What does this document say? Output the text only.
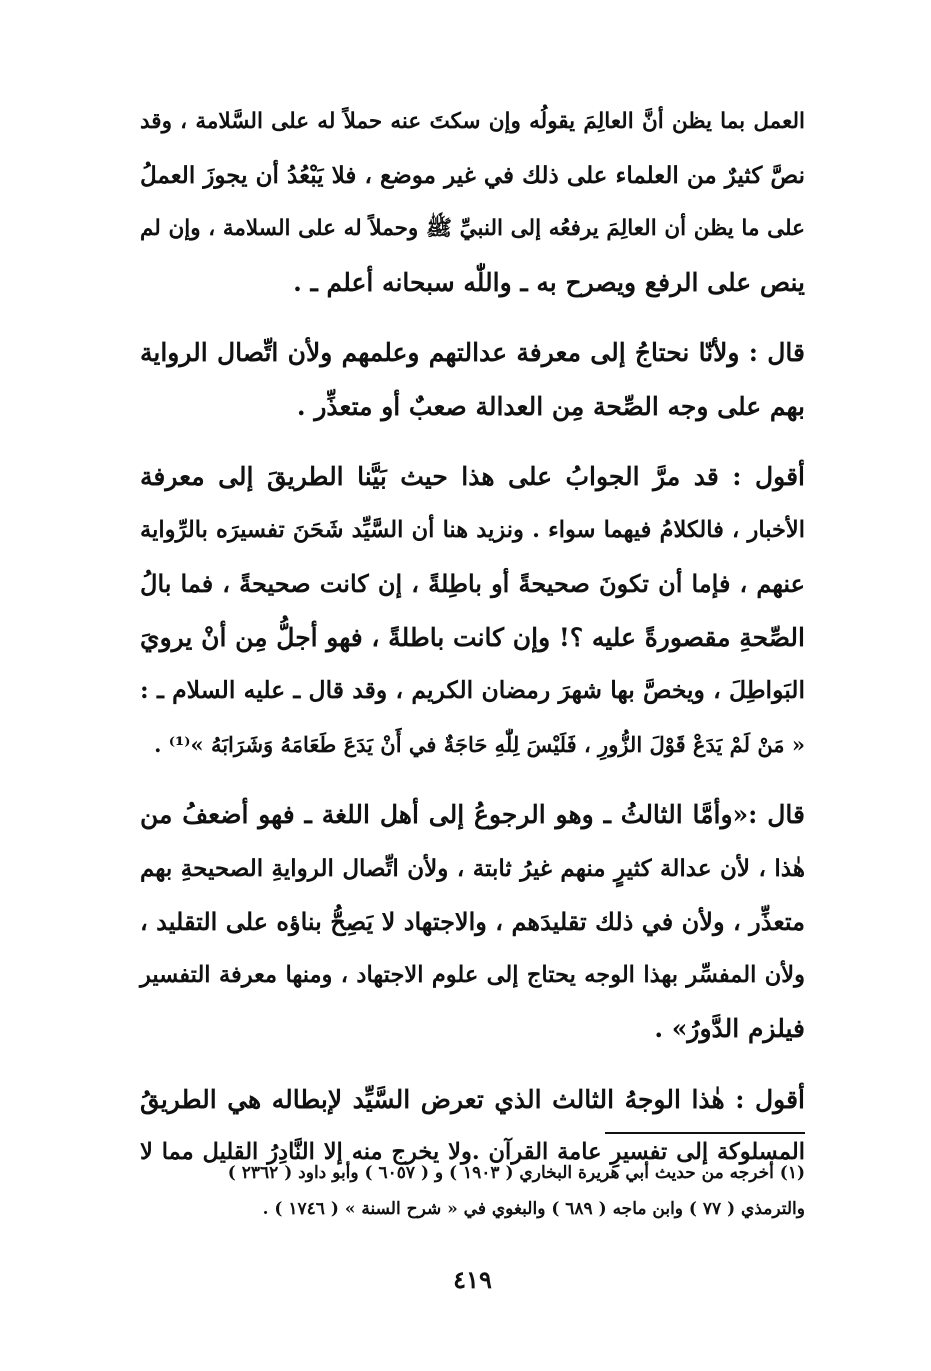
العمل بما يظن أنَّ العالِمَ يقولُه وإن سكتَ عنه حملاً له على السَّلامة ، وقد
نصَّ كثيرٌ من العلماء على ذلك في غير موضع ، فلا يَبْعُدُ أن يجوزَ العملُ
على ما يظن أن العالِمَ يرفعُه إلى النبيِّ ﷺ وحملاً له على السلامة ، وإن لم
ينص على الرفع ويصرح به ـ واللّٰه سبحانه أعلم ـ .
قال : ولأنّا نحتاجُ إلى معرفة عدالتهم وعلمهم ولأن اتِّصال الرواية
بهم على وجه الصِّحة مِن العدالة صعبٌ أو متعذِّر .
أقول : قد مرَّ الجوابُ على هذا حيث بَيَّنا الطريقَ إلى معرفة
الأخبار ، فالكلامُ فيهما سواء . ونزيد هنا أن السَّيِّد شَحَنَ تفسيرَه بالرِّواية
عنهم ، فإما أن تكونَ صحيحةً أو باطِلةً ، إن كانت صحيحةً ، فما بالُ
الصِّحةِ مقصورةً عليه ؟! وإن كانت باطلةً ، فهو أجلُّ مِن أنْ يرويَ
البَواطِلَ ، ويخصَّ بها شهرَ رمضان الكريم ، وقد قال ـ عليه السلام ـ :
« مَنْ لَمْ يَدَعْ قَوْلَ الزُّورِ ، فَلَيْسَ لِلّٰهِ حَاجَةٌ في أَنْ يَدَعَ طَعَامَهُ وَشَرَابَهُ »⁽¹⁾ .
قال :«وأمَّا الثالثُ ـ وهو الرجوعُ إلى أهل اللغة ـ فهو أضعفُ من
هٰذا ، لأن عدالة كثيرٍ منهم غيرُ ثابتة ، ولأن اتِّصال الروايةِ الصحيحةِ بهم
متعذِّر ، ولأن في ذلك تقليدَهم ، والاجتهاد لا يَصِحُّ بناؤه على التقليد ،
ولأن المفسِّر بهذا الوجه يحتاج إلى علوم الاجتهاد ، ومنها معرفة التفسير
فيلزم الدَّورُ» .
أقول : هٰذا الوجهُ الثالث الذي تعرض السَّيِّد لإبطاله هي الطريقُ
المسلوكة إلى تفسيرِ عامة القرآن .ولا يخرج منه إلا النَّادِرُ القليل مما لا
(١) أخرجه من حديث أبي هريرة البخاري ( ١٩٠٣ ) و ( ٦٠٥٧ ) وأبو داود ( ٢٣٦٢ )
والترمذي ( ٧٧ ) وابن ماجه ( ٦٨٩ ) والبغوي في « شرح السنة » ( ١٧٤٦ ) .
٤١٩
